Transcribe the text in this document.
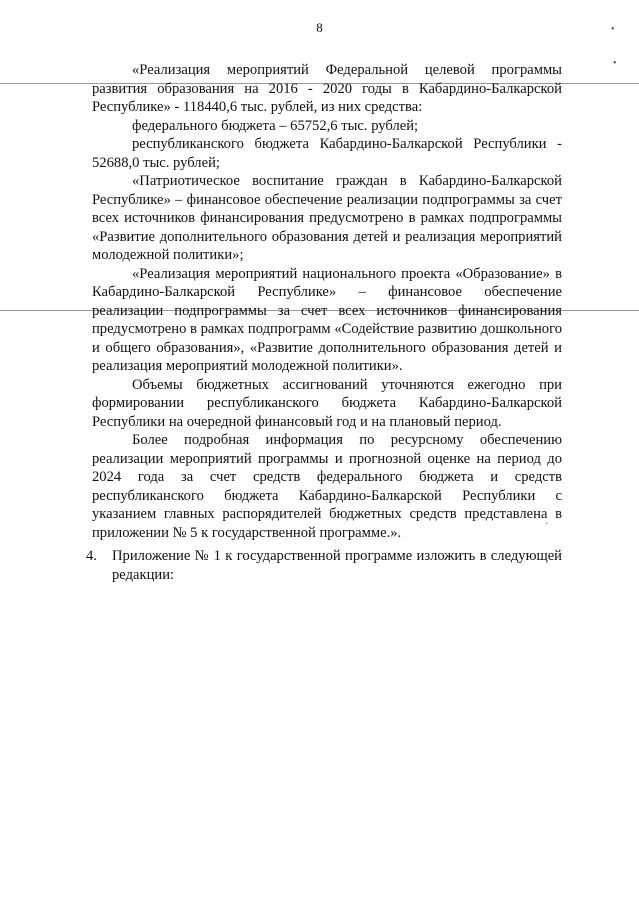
8	•
•
·

«Реализация мероприятий Федеральной целевой программы развития образования на 2016 - 2020 годы в Кабардино-Балкарской Республике» - 118440,6 тыс. рублей, из них средства:

федерального бюджета – 65752,6 тыс. рублей;

республиканского бюджета Кабардино-Балкарской Республики - 52688,0 тыс. рублей;

«Патриотическое воспитание граждан в Кабардино-Балкарской Республике» – финансовое обеспечение реализации подпрограммы за счет всех источников финансирования предусмотрено в рамках подпрограммы «Развитие дополнительного образования детей и реализация мероприятий молодежной политики»;

«Реализация мероприятий национального проекта «Образование» в Кабардино-Балкарской Республике» – финансовое обеспечение реализации подпрограммы за счет всех источников финансирования предусмотрено в рамках подпрограмм «Содействие развитию дошкольного и общего образования», «Развитие дополнительного образования детей и реализация мероприятий молодежной политики».

Объемы бюджетных ассигнований уточняются ежегодно при формировании республиканского бюджета Кабардино-Балкарской Республики на очередной финансовый год и на плановый период.

Более подробная информация по ресурсному обеспечению реализации мероприятий программы и прогнозной оценке на период до 2024 года за счет средств федерального бюджета и средств республиканского бюджета Кабардино-Балкарской Республики с указанием главных распорядителей бюджетных средств представлена в приложении № 5 к государственной программе.».

4.	Приложение № 1 к государственной программе изложить в следующей редакции:
